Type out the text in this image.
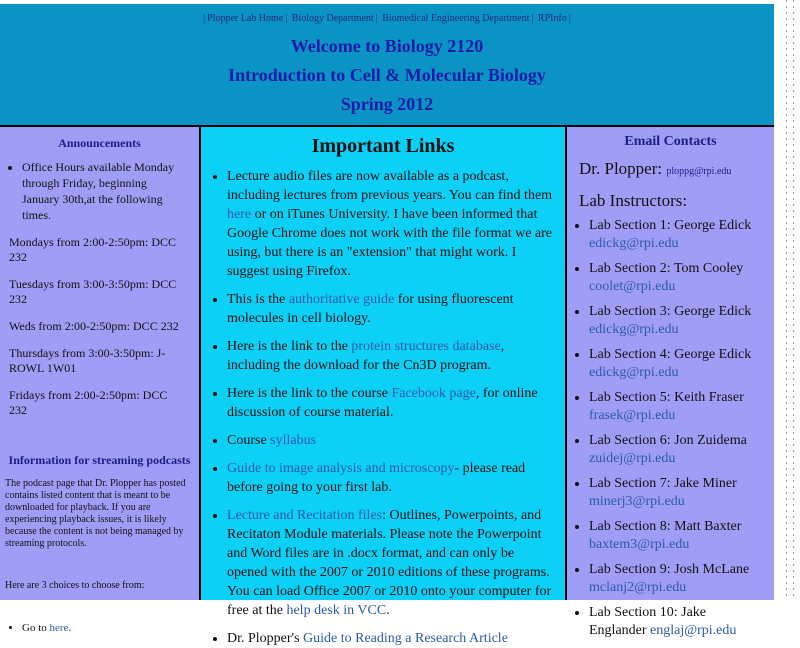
| Plopper Lab Home | Biology Department | Biomedical Engineering Department | RPInfo |
Welcome to Biology 2120
Introduction to Cell & Molecular Biology
Spring 2012
Announcements
• Office Hours available Monday through Friday, beginning January 30th,at the following times.

Mondays from 2:00-2:50pm: DCC 232

Tuesdays from 3:00-3:50pm: DCC 232

Weds from 2:00-2:50pm: DCC 232

Thursdays from 3:00-3:50pm: J-ROWL 1W01

Fridays from 2:00-2:50pm: DCC 232

Information for streaming podcasts

The podcast page that Dr. Plopper has posted contains listed content that is meant to be downloaded for playback. If you are experiencing playback issues, it is likely because the content is not being managed by streaming protocols.

Here are 3 choices to choose from:

• Go to here.
Important Links
• Lecture audio files are now available as a podcast, including lectures from previous years. You can find them here or on iTunes University. I have been informed that Google Chrome does not work with the file format we are using, but there is an "extension" that might work. I suggest using Firefox.
• This is the authoritative guide for using fluorescent molecules in cell biology.
• Here is the link to the protein structures database, including the download for the Cn3D program.
• Here is the link to the course Facebook page, for online discussion of course material.
• Course syllabus
• Guide to image analysis and microscopy- please read before going to your first lab.
• Lecture and Recitation files: Outlines, Powerpoints, and Recitaton Module materials. Please note the Powerpoint and Word files are in .docx format, and can only be opened with the 2007 or 2010 editions of these programs. You can load Office 2007 or 2010 onto your computer for free at the help desk in VCC.
• Dr. Plopper's Guide to Reading a Research Article
Email Contacts
Dr. Plopper: ploppg@rpi.edu
Lab Instructors:
• Lab Section 1: George Edick edickg@rpi.edu
• Lab Section 2: Tom Cooley coolet@rpi.edu
• Lab Section 3: George Edick edickg@rpi.edu
• Lab Section 4: George Edick edickg@rpi.edu
• Lab Section 5: Keith Fraser frasek@rpi.edu
• Lab Section 6: Jon Zuidema zuidej@rpi.edu
• Lab Section 7: Jake Miner minerj3@rpi.edu
• Lab Section 8: Matt Baxter baxtem3@rpi.edu
• Lab Section 9: Josh McLane mclanj2@rpi.edu
• Lab Section 10: Jake Englander englaj@rpi.edu
